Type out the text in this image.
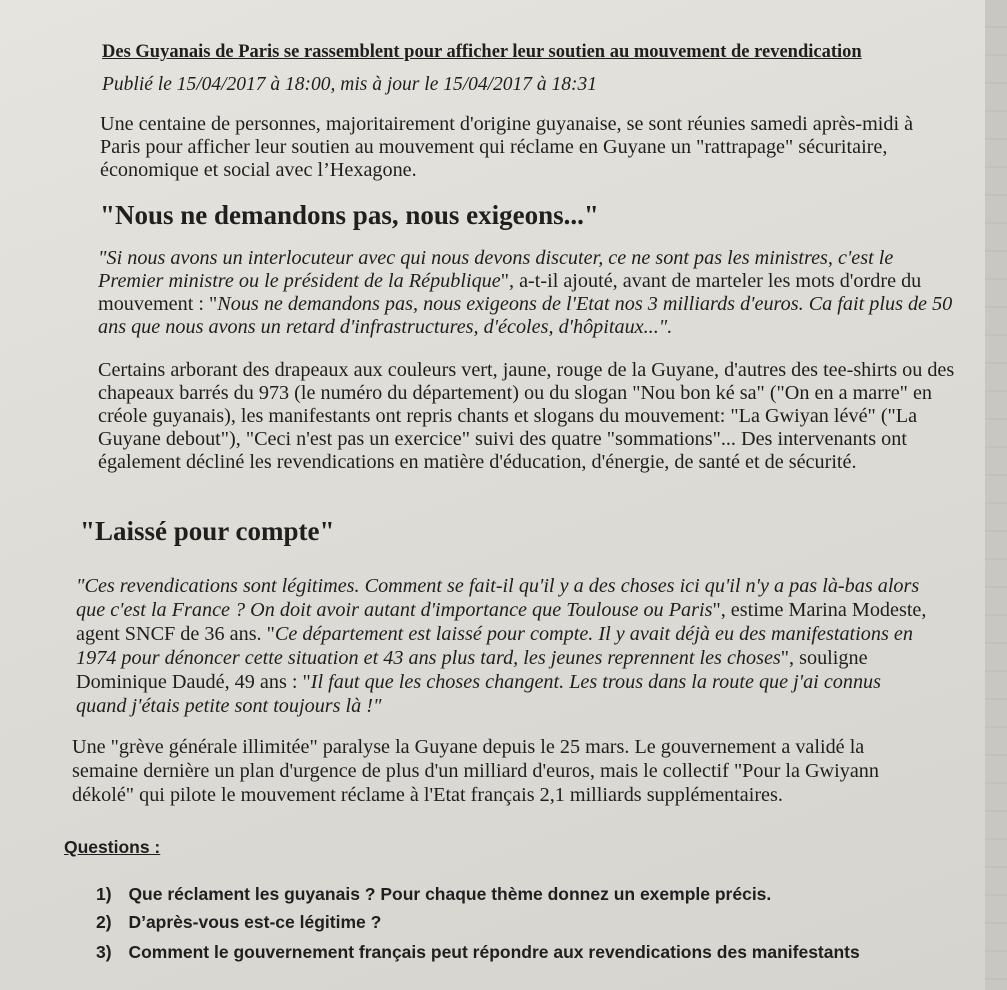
Des Guyanais de Paris se rassemblent pour afficher leur soutien au mouvement de revendication
Publié le 15/04/2017 à 18:00, mis à jour le 15/04/2017 à 18:31
Une centaine de personnes, majoritairement d'origine guyanaise, se sont réunies samedi après-midi à
Paris pour afficher leur soutien au mouvement qui réclame en Guyane un "rattrapage" sécuritaire,
économique et social avec l’Hexagone.
"Nous ne demandons pas, nous exigeons..."
"Si nous avons un interlocuteur avec qui nous devons discuter, ce ne sont pas les ministres, c'est le
Premier ministre ou le président de la République", a-t-il ajouté, avant de marteler les mots d'ordre du
mouvement : "Nous ne demandons pas, nous exigeons de l'Etat nos 3 milliards d'euros. Ca fait plus de 50
ans que nous avons un retard d'infrastructures, d'écoles, d'hôpitaux...".
Certains arborant des drapeaux aux couleurs vert, jaune, rouge de la Guyane, d'autres des tee-shirts ou des
chapeaux barrés du 973 (le numéro du département) ou du slogan "Nou bon ké sa" ("On en a marre" en
créole guyanais), les manifestants ont repris chants et slogans du mouvement: "La Gwiyan lévé" ("La
Guyane debout"), "Ceci n'est pas un exercice" suivi des quatre "sommations"... Des intervenants ont
également décliné les revendications en matière d'éducation, d'énergie, de santé et de sécurité.
"Laissé pour compte"
"Ces revendications sont légitimes. Comment se fait-il qu'il y a des choses ici qu'il n'y a pas là-bas alors
que c'est la France ? On doit avoir autant d'importance que Toulouse ou Paris", estime Marina Modeste,
agent SNCF de 36 ans. "Ce département est laissé pour compte. Il y avait déjà eu des manifestations en
1974 pour dénoncer cette situation et 43 ans plus tard, les jeunes reprennent les choses", souligne
Dominique Daudé, 49 ans : "Il faut que les choses changent. Les trous dans la route que j'ai connus
quand j'étais petite sont toujours là !"
Une "grève générale illimitée" paralyse la Guyane depuis le 25 mars. Le gouvernement a validé la
semaine dernière un plan d'urgence de plus d'un milliard d'euros, mais le collectif "Pour la Gwiyann
dékolé" qui pilote le mouvement réclame à l'Etat français 2,1 milliards supplémentaires.
Questions :
1) Que réclament les guyanais ? Pour chaque thème donnez un exemple précis.
2) D’après-vous est-ce légitime ?
3) Comment le gouvernement français peut répondre aux revendications des manifestants
